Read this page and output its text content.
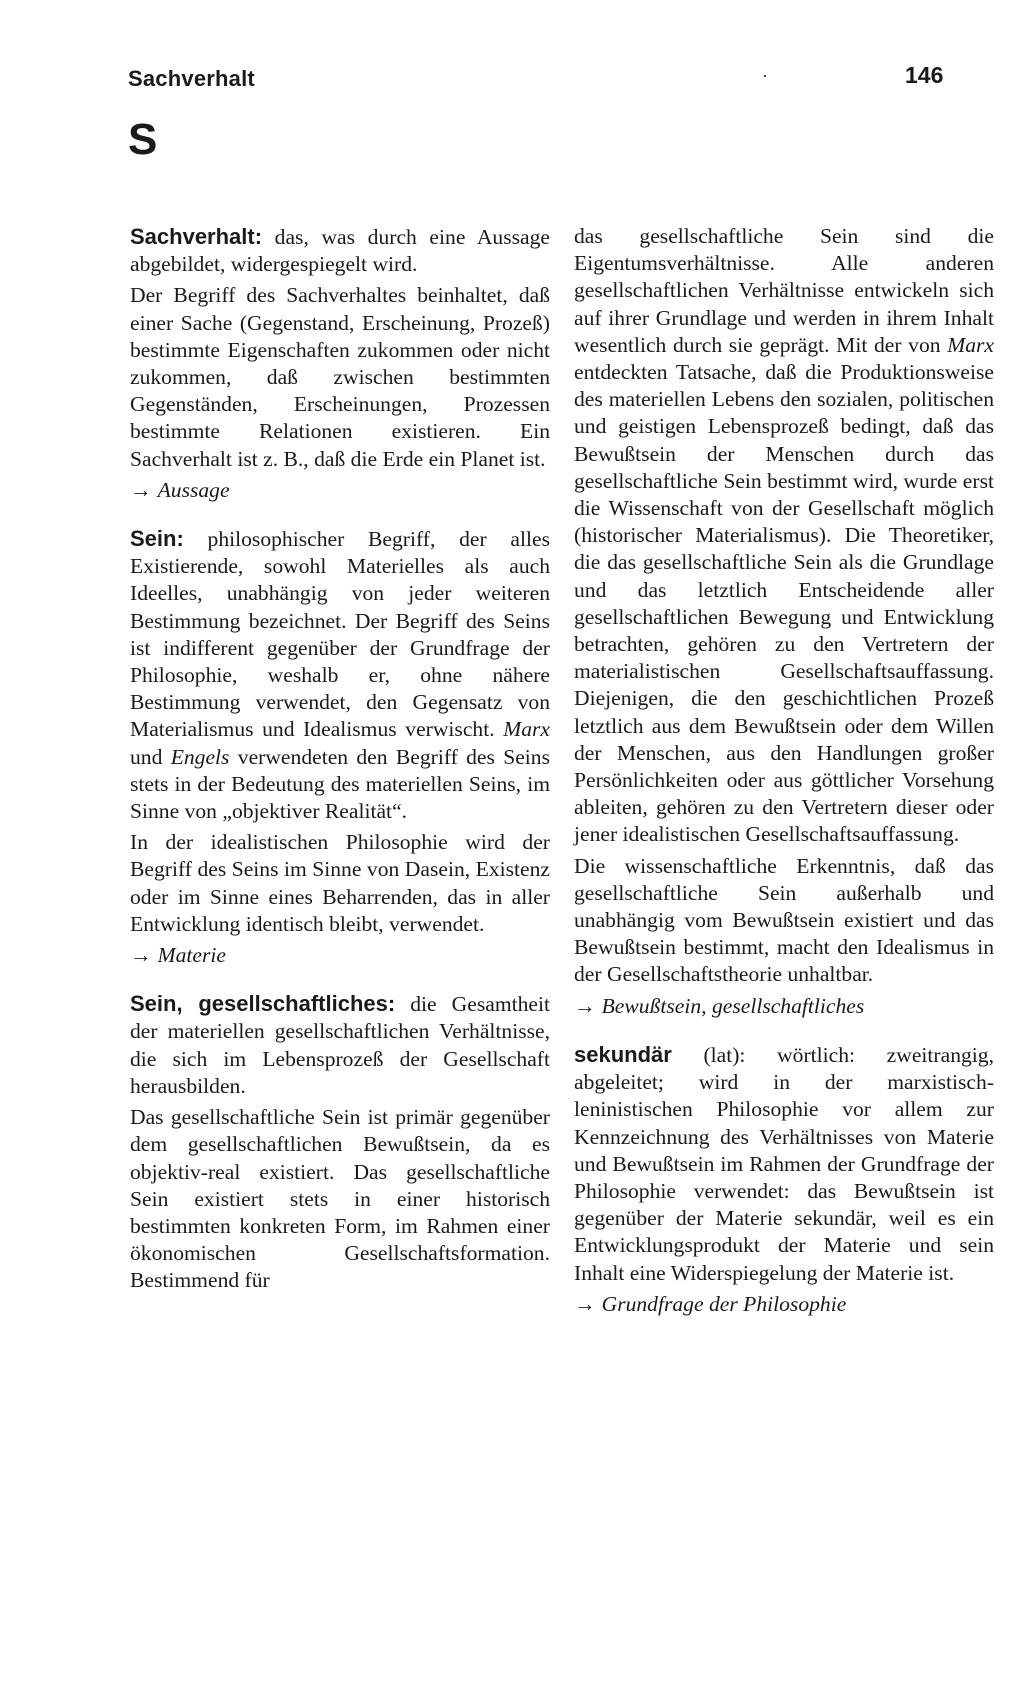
Sachverhalt	·	146
S

Sachverhalt: das, was durch eine Aussage abgebildet, widergespiegelt wird.

Der Begriff des Sachverhaltes beinhaltet, daß einer Sache (Gegenstand, Erscheinung, Prozeß) bestimmte Eigenschaften zukommen oder nicht zukommen, daß zwischen bestimmten Gegenständen, Erscheinungen, Prozessen bestimmte Relationen existieren. Ein Sachverhalt ist z. B., daß die Erde ein Planet ist.

→ Aussage

Sein: philosophischer Begriff, der alles Existierende, sowohl Materielles als auch Ideelles, unabhängig von jeder weiteren Bestimmung bezeichnet. Der Begriff des Seins ist indifferent gegenüber der Grundfrage der Philosophie, weshalb er, ohne nähere Bestimmung verwendet, den Gegensatz von Materialismus und Idealismus verwischt. Marx und Engels verwendeten den Begriff des Seins stets in der Bedeutung des materiellen Seins, im Sinne von „objektiver Realität“.

In der idealistischen Philosophie wird der Begriff des Seins im Sinne von Dasein, Existenz oder im Sinne eines Beharrenden, das in aller Entwicklung identisch bleibt, verwendet.

→ Materie

Sein, gesellschaftliches: die Gesamtheit der materiellen gesellschaftlichen Verhältnisse, die sich im Lebensprozeß der Gesellschaft herausbilden.

Das gesellschaftliche Sein ist primär gegenüber dem gesellschaftlichen Bewußtsein, da es objektiv-real existiert. Das gesellschaftliche Sein existiert stets in einer historisch bestimmten konkreten Form, im Rahmen einer ökonomischen Gesellschaftsformation. Bestimmend für

das gesellschaftliche Sein sind die Eigentumsverhältnisse. Alle anderen gesellschaftlichen Verhältnisse entwickeln sich auf ihrer Grundlage und werden in ihrem Inhalt wesentlich durch sie geprägt. Mit der von Marx entdeckten Tatsache, daß die Produktionsweise des materiellen Lebens den sozialen, politischen und geistigen Lebensprozeß bedingt, daß das Bewußtsein der Menschen durch das gesellschaftliche Sein bestimmt wird, wurde erst die Wissenschaft von der Gesellschaft möglich (historischer Materialismus). Die Theoretiker, die das gesellschaftliche Sein als die Grundlage und das letztlich Entscheidende aller gesellschaftlichen Bewegung und Entwicklung betrachten, gehören zu den Vertretern der materialistischen Gesellschaftsauffassung. Diejenigen, die den geschichtlichen Prozeß letztlich aus dem Bewußtsein oder dem Willen der Menschen, aus den Handlungen großer Persönlichkeiten oder aus göttlicher Vorsehung ableiten, gehören zu den Vertretern dieser oder jener idealistischen Gesellschaftsauffassung.

Die wissenschaftliche Erkenntnis, daß das gesellschaftliche Sein außerhalb und unabhängig vom Bewußtsein existiert und das Bewußtsein bestimmt, macht den Idealismus in der Gesellschaftstheorie unhaltbar.

→ Bewußtsein, gesellschaftliches

sekundär (lat): wörtlich: zweitrangig, abgeleitet; wird in der marxistisch-leninistischen Philosophie vor allem zur Kennzeichnung des Verhältnisses von Materie und Bewußtsein im Rahmen der Grundfrage der Philosophie verwendet: das Bewußtsein ist gegenüber der Materie sekundär, weil es ein Entwicklungsprodukt der Materie und sein Inhalt eine Widerspiegelung der Materie ist.

→ Grundfrage der Philosophie
